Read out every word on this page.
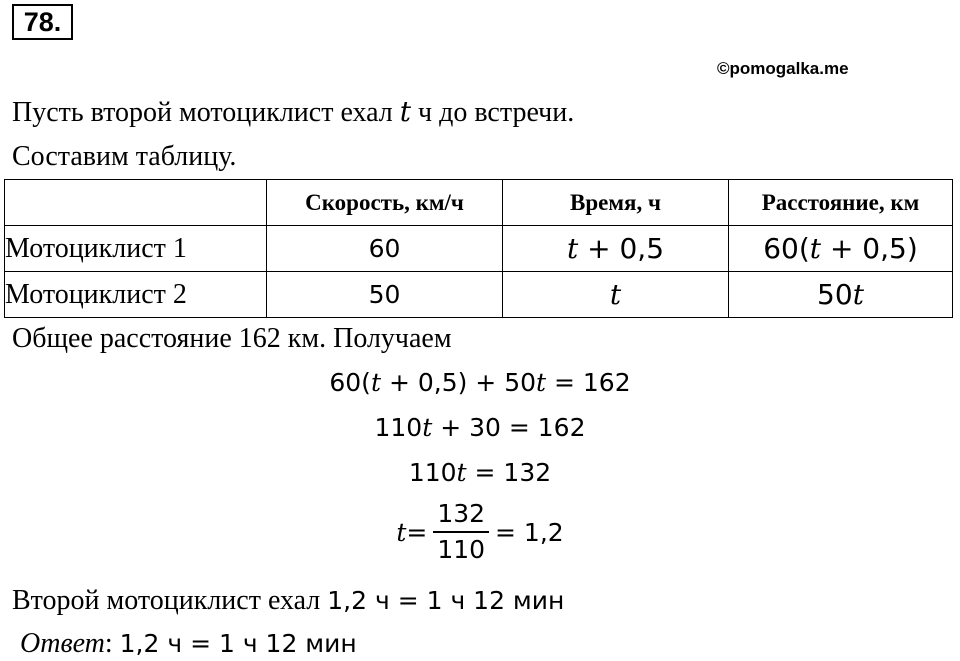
78.
©pomogalka.me
Пусть второй мотоциклист ехал t ч до встречи.
Составим таблицу.
	Скорость, км/ч	Время, ч	Расстояние, км
Мотоциклист 1	60	t + 0,5	60(t + 0,5)
Мотоциклист 2	50	t	50t
Общее расстояние 162 км. Получаем
60(t + 0,5) + 50t = 162
110t + 30 = 162
110t = 132
$t = \frac{132}{110} = 1,2$
Второй мотоциклист ехал 1,2 ч = 1 ч 12 мин
Ответ: 1,2 ч = 1 ч 12 мин
